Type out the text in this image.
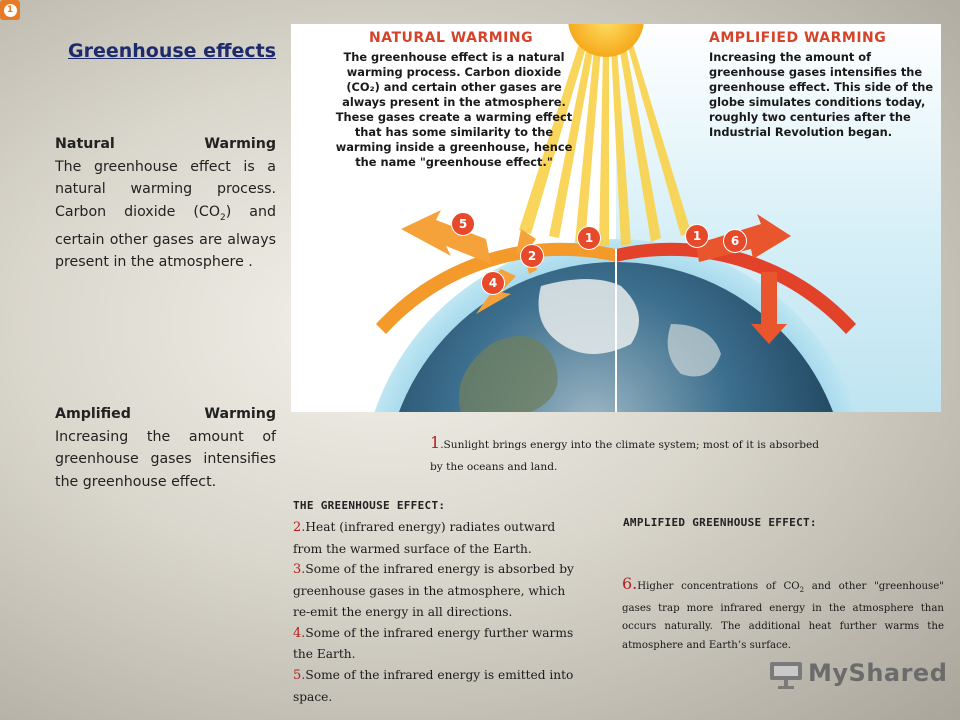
1
Greenhouse effects
Natural	Warming
The greenhouse effect is a natural warming process. Carbon dioxide $(CO_2)$ and certain other gases are always present in the atmosphere .
Amplified	Warming
Increasing the amount of greenhouse gases intensifies the greenhouse effect.
NATURAL WARMING
The greenhouse effect is a natural warming process. Carbon dioxide (CO₂) and certain other gases are always present in the atmosphere. These gases create a warming effect that has some similarity to the warming inside a greenhouse, hence the name "greenhouse effect."
AMPLIFIED WARMING
Increasing the amount of greenhouse gases intensifies the greenhouse effect. This side of the globe simulates conditions today, roughly two centuries after the Industrial Revolution began.
5
2
1
4
1	6
1.Sunlight brings energy into the climate system; most of it is absorbed by the oceans and land.
THE GREENHOUSE EFFECT:

2.Heat (infrared energy) radiates outward from the warmed surface of the Earth.

3.Some of the infrared energy is absorbed by greenhouse gases in the atmosphere, which re-emit the energy in all directions.

4.Some of the infrared energy further warms the Earth.

5.Some of the infrared energy is emitted into space.

AMPLIFIED GREENHOUSE EFFECT:
6.Higher concentrations of $CO_2$ and other "greenhouse" gases trap more infrared energy in the atmosphere than occurs naturally. The additional heat further warms the atmosphere and Earth’s surface.
MyShared
